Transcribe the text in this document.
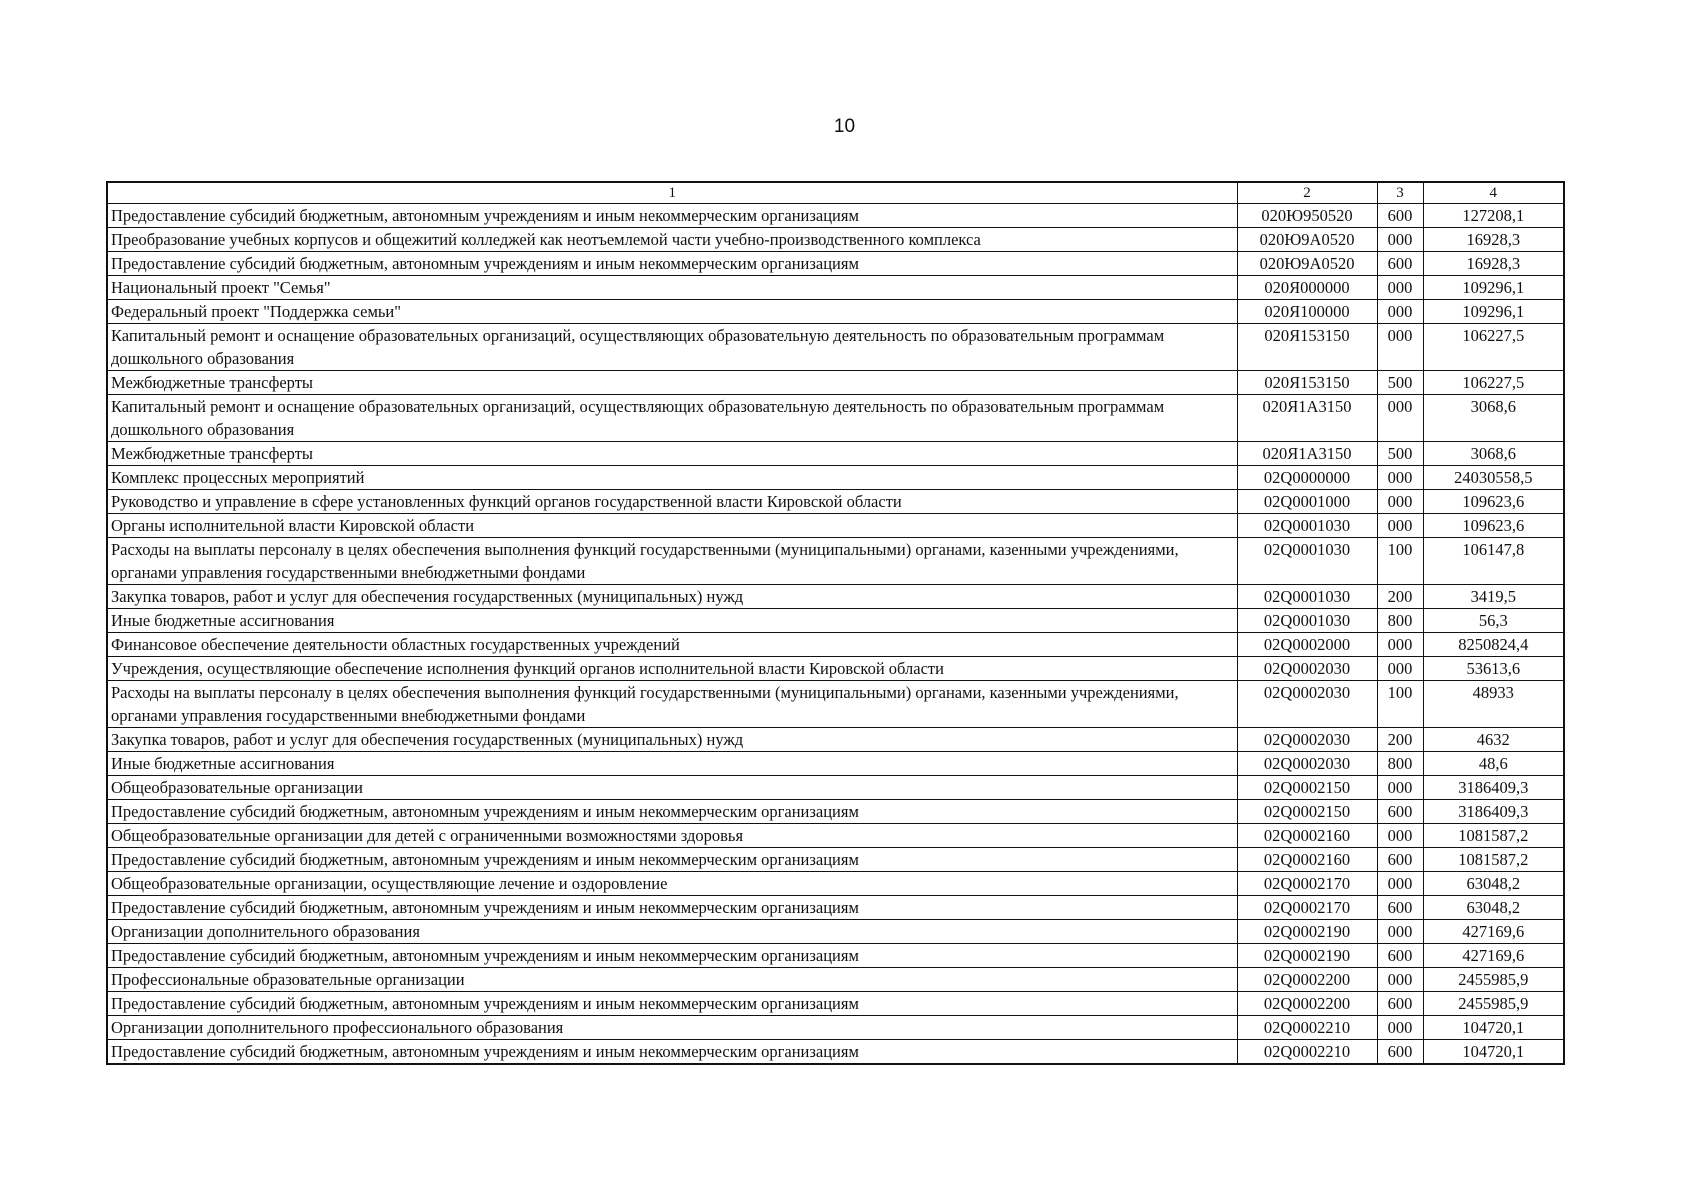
10
1	2	3	4
Предоставление субсидий бюджетным, автономным учреждениям и иным некоммерческим организациям	020Ю950520	600	127208,1
Преобразование учебных корпусов и общежитий колледжей как неотъемлемой части учебно-производственного комплекса	020Ю9А0520	000	16928,3
Предоставление субсидий бюджетным, автономным учреждениям и иным некоммерческим организациям	020Ю9А0520	600	16928,3
Национальный проект "Семья"	020Я000000	000	109296,1
Федеральный проект "Поддержка семьи"	020Я100000	000	109296,1
Капитальный ремонт и оснащение образовательных организаций, осуществляющих образовательную деятельность по образовательным программам дошкольного образования	020Я153150	000	106227,5
Межбюджетные трансферты	020Я153150	500	106227,5
Капитальный ремонт и оснащение образовательных организаций, осуществляющих образовательную деятельность по образовательным программам дошкольного образования	020Я1А3150	000	3068,6
Межбюджетные трансферты	020Я1А3150	500	3068,6
Комплекс процессных мероприятий	02Q0000000	000	24030558,5
Руководство и управление в сфере установленных функций органов государственной власти Кировской области	02Q0001000	000	109623,6
Органы исполнительной власти Кировской области	02Q0001030	000	109623,6
Расходы на выплаты персоналу в целях обеспечения выполнения функций государственными (муниципальными) органами, казенными учреждениями, органами управления государственными внебюджетными фондами	02Q0001030	100	106147,8
Закупка товаров, работ и услуг для обеспечения государственных (муниципальных) нужд	02Q0001030	200	3419,5
Иные бюджетные ассигнования	02Q0001030	800	56,3
Финансовое обеспечение деятельности областных государственных учреждений	02Q0002000	000	8250824,4
Учреждения, осуществляющие обеспечение исполнения функций органов исполнительной власти Кировской области	02Q0002030	000	53613,6
Расходы на выплаты персоналу в целях обеспечения выполнения функций государственными (муниципальными) органами, казенными учреждениями, органами управления государственными внебюджетными фондами	02Q0002030	100	48933
Закупка товаров, работ и услуг для обеспечения государственных (муниципальных) нужд	02Q0002030	200	4632
Иные бюджетные ассигнования	02Q0002030	800	48,6
Общеобразовательные организации	02Q0002150	000	3186409,3
Предоставление субсидий бюджетным, автономным учреждениям и иным некоммерческим организациям	02Q0002150	600	3186409,3
Общеобразовательные организации для детей с ограниченными возможностями здоровья	02Q0002160	000	1081587,2
Предоставление субсидий бюджетным, автономным учреждениям и иным некоммерческим организациям	02Q0002160	600	1081587,2
Общеобразовательные организации, осуществляющие лечение и оздоровление	02Q0002170	000	63048,2
Предоставление субсидий бюджетным, автономным учреждениям и иным некоммерческим организациям	02Q0002170	600	63048,2
Организации дополнительного образования	02Q0002190	000	427169,6
Предоставление субсидий бюджетным, автономным учреждениям и иным некоммерческим организациям	02Q0002190	600	427169,6
Профессиональные образовательные организации	02Q0002200	000	2455985,9
Предоставление субсидий бюджетным, автономным учреждениям и иным некоммерческим организациям	02Q0002200	600	2455985,9
Организации дополнительного профессионального образования	02Q0002210	000	104720,1
Предоставление субсидий бюджетным, автономным учреждениям и иным некоммерческим организациям	02Q0002210	600	104720,1
